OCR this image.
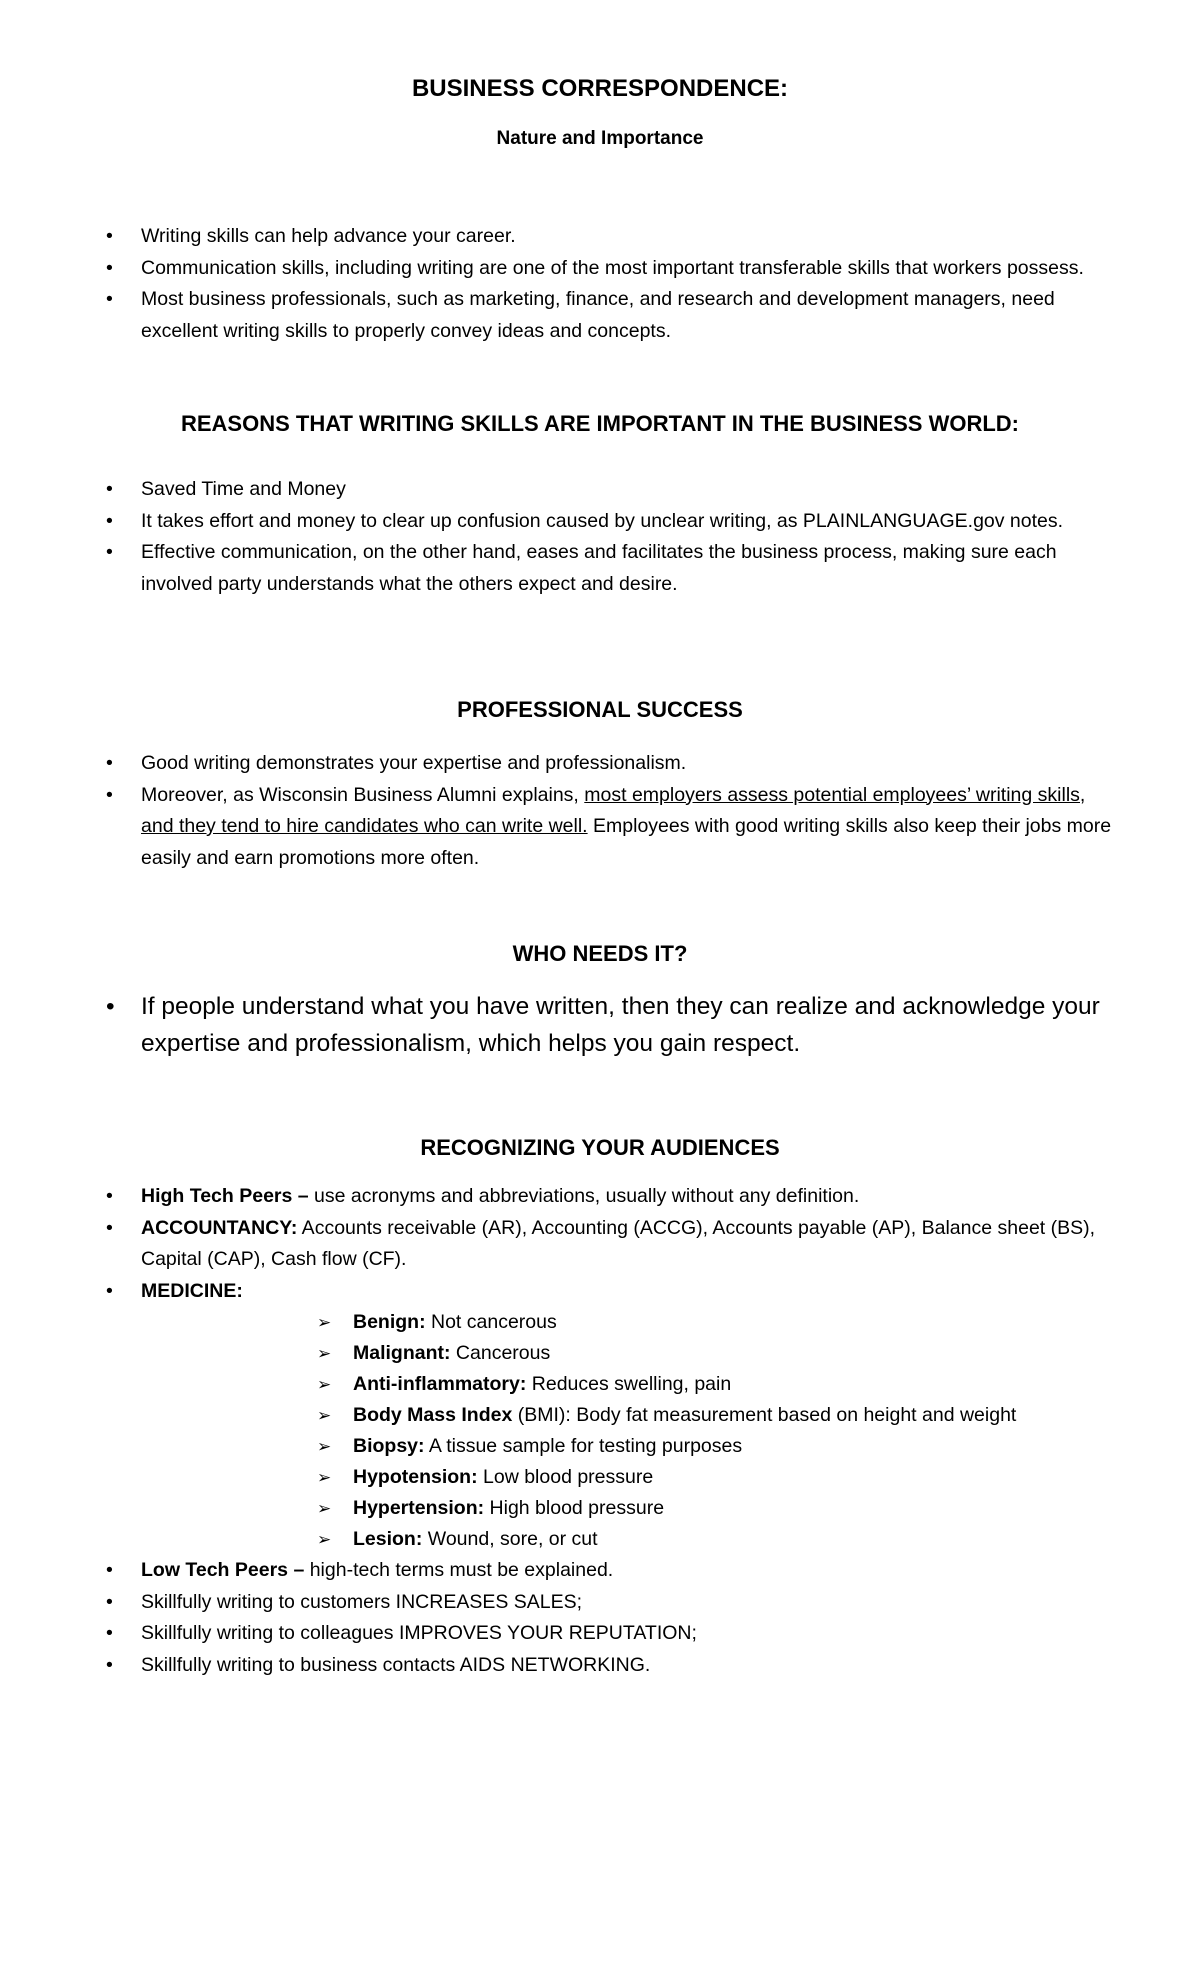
BUSINESS CORRESPONDENCE:
Nature and Importance
• Writing skills can help advance your career.
• Communication skills, including writing are one of the most important transferable skills that workers possess.
• Most business professionals, such as marketing, finance, and research and development managers, need excellent writing skills to properly convey ideas and concepts.
REASONS THAT WRITING SKILLS ARE IMPORTANT IN THE BUSINESS WORLD:
• Saved Time and Money
• It takes effort and money to clear up confusion caused by unclear writing, as PLAINLANGUAGE.gov notes.
• Effective communication, on the other hand, eases and facilitates the business process, making sure each involved party understands what the others expect and desire.
PROFESSIONAL SUCCESS
• Good writing demonstrates your expertise and professionalism.
• Moreover, as Wisconsin Business Alumni explains, most employers assess potential employees’ writing skills, and they tend to hire candidates who can write well. Employees with good writing skills also keep their jobs more easily and earn promotions more often.
WHO NEEDS IT?
• If people understand what you have written, then they can realize and acknowledge your expertise and professionalism, which helps you gain respect.
RECOGNIZING YOUR AUDIENCES
• High Tech Peers – use acronyms and abbreviations, usually without any definition.
• ACCOUNTANCY: Accounts receivable (AR), Accounting (ACCG), Accounts payable (AP), Balance sheet (BS), Capital (CAP), Cash flow (CF).
• MEDICINE:
➢ Benign: Not cancerous
➢ Malignant: Cancerous
➢ Anti-inflammatory: Reduces swelling, pain
➢ Body Mass Index (BMI): Body fat measurement based on height and weight
➢ Biopsy: A tissue sample for testing purposes
➢ Hypotension: Low blood pressure
➢ Hypertension: High blood pressure
➢ Lesion: Wound, sore, or cut
• Low Tech Peers – high-tech terms must be explained.
• Skillfully writing to customers INCREASES SALES;
• Skillfully writing to colleagues IMPROVES YOUR REPUTATION;
• Skillfully writing to business contacts AIDS NETWORKING.
